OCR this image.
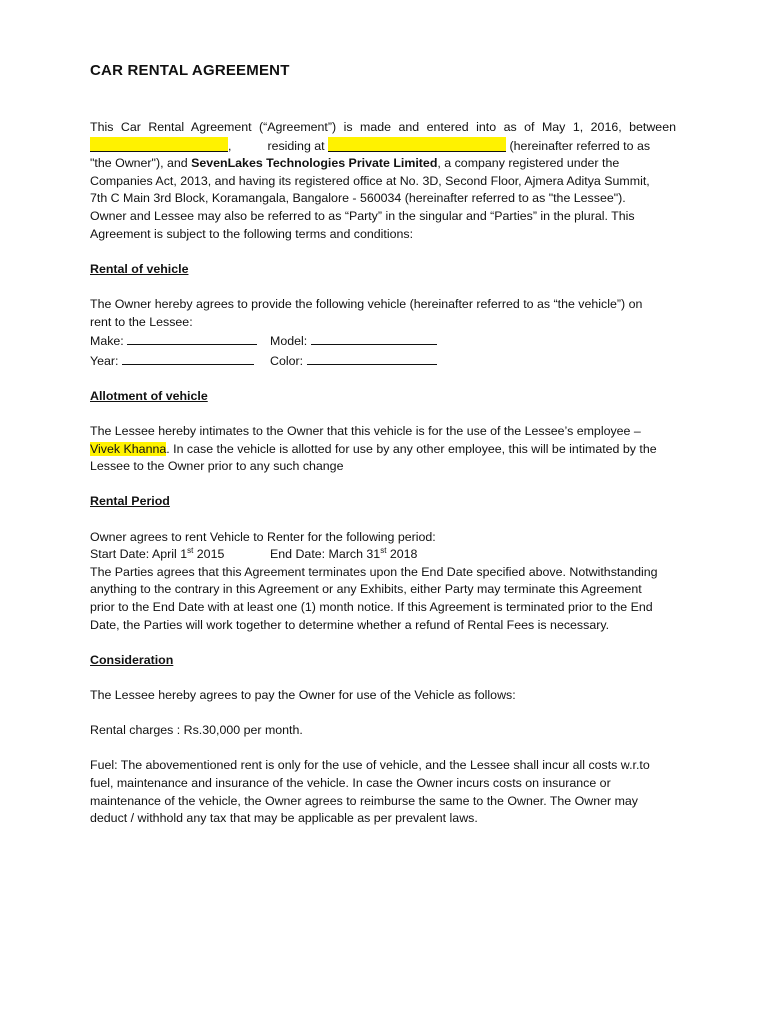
CAR RENTAL AGREEMENT

This Car Rental Agreement (“Agreement”) is made and entered into as of May 1, 2016, between

,	residing at	(hereinafter referred to as

"the Owner"), and SevenLakes Technologies Private Limited, a company registered under the

Companies Act, 2013, and having its registered office at No. 3D, Second Floor, Ajmera Aditya Summit,

7th C Main 3rd Block, Koramangala, Bangalore - 560034 (hereinafter referred to as "the Lessee").

Owner and Lessee may also be referred to as “Party” in the singular and “Parties” in the plural. This

Agreement is subject to the following terms and conditions:

Rental of vehicle

The Owner hereby agrees to provide the following vehicle (hereinafter referred to as “the vehicle”) on

rent to the Lessee:

Make:	Model:
Year:	Color:

Allotment of vehicle

The Lessee hereby intimates to the Owner that this vehicle is for the use of the Lessee’s employee –

Vivek Khanna. In case the vehicle is allotted for use by any other employee, this will be intimated by the

Lessee to the Owner prior to any such change

Rental Period

Owner agrees to rent Vehicle to Renter for the following period:

Start Date: April 1st 2015	End Date: March 31st 2018

The Parties agrees that this Agreement terminates upon the End Date specified above. Notwithstanding

anything to the contrary in this Agreement or any Exhibits, either Party may terminate this Agreement

prior to the End Date with at least one (1) month notice. If this Agreement is terminated prior to the End

Date, the Parties will work together to determine whether a refund of Rental Fees is necessary.

Consideration

The Lessee hereby agrees to pay the Owner for use of the Vehicle as follows:

Rental charges : Rs.30,000 per month.

Fuel: The abovementioned rent is only for the use of vehicle, and the Lessee shall incur all costs w.r.to

fuel, maintenance and insurance of the vehicle. In case the Owner incurs costs on insurance or

maintenance of the vehicle, the Owner agrees to reimburse the same to the Owner. The Owner may

deduct / withhold any tax that may be applicable as per prevalent laws.
